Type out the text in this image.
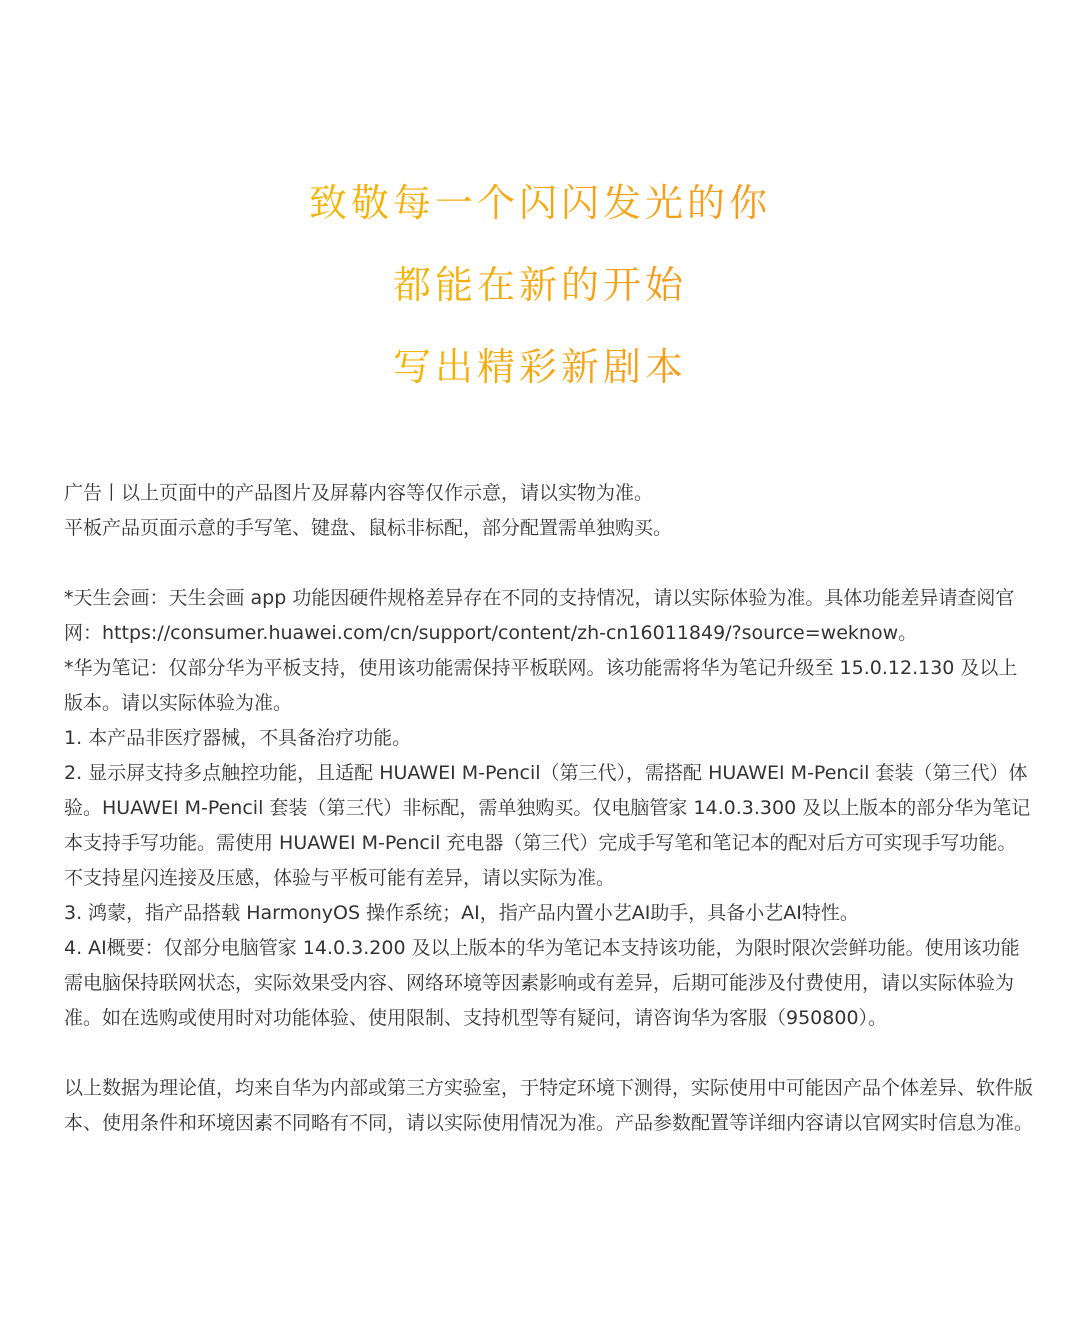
致敬每一个闪闪发光的你
都能在新的开始
写出精彩新剧本

广告丨以上页面中的产品图片及屏幕内容等仅作示意，请以实物为准。

平板产品页面示意的手写笔、键盘、鼠标非标配，部分配置需单独购买。

*天生会画：天生会画 app 功能因硬件规格差异存在不同的支持情况，请以实际体验为准。具体功能差异请查阅官网：https://consumer.huawei.com/cn/support/content/zh-cn16011849/?source=weknow。

*华为笔记：仅部分华为平板支持，使用该功能需保持平板联网。该功能需将华为笔记升级至 15.0.12.130 及以上版本。请以实际体验为准。

1. 本产品非医疗器械，不具备治疗功能。

2. 显示屏支持多点触控功能，且适配 HUAWEI M-Pencil（第三代），需搭配 HUAWEI M-Pencil 套装（第三代）体验。HUAWEI M-Pencil 套装（第三代）非标配，需单独购买。仅电脑管家 14.0.3.300 及以上版本的部分华为笔记本支持手写功能。需使用 HUAWEI M-Pencil 充电器（第三代）完成手写笔和笔记本的配对后方可实现手写功能。不支持星闪连接及压感，体验与平板可能有差异，请以实际为准。

3. 鸿蒙，指产品搭载 HarmonyOS 操作系统；AI，指产品内置小艺AI助手，具备小艺AI特性。

4. AI概要：仅部分电脑管家 14.0.3.200 及以上版本的华为笔记本支持该功能，为限时限次尝鲜功能。使用该功能需电脑保持联网状态，实际效果受内容、网络环境等因素影响或有差异，后期可能涉及付费使用，请以实际体验为准。如在选购或使用时对功能体验、使用限制、支持机型等有疑问，请咨询华为客服（950800）。

以上数据为理论值，均来自华为内部或第三方实验室，于特定环境下测得，实际使用中可能因产品个体差异、软件版本、使用条件和环境因素不同略有不同，请以实际使用情况为准。产品参数配置等详细内容请以官网实时信息为准。
